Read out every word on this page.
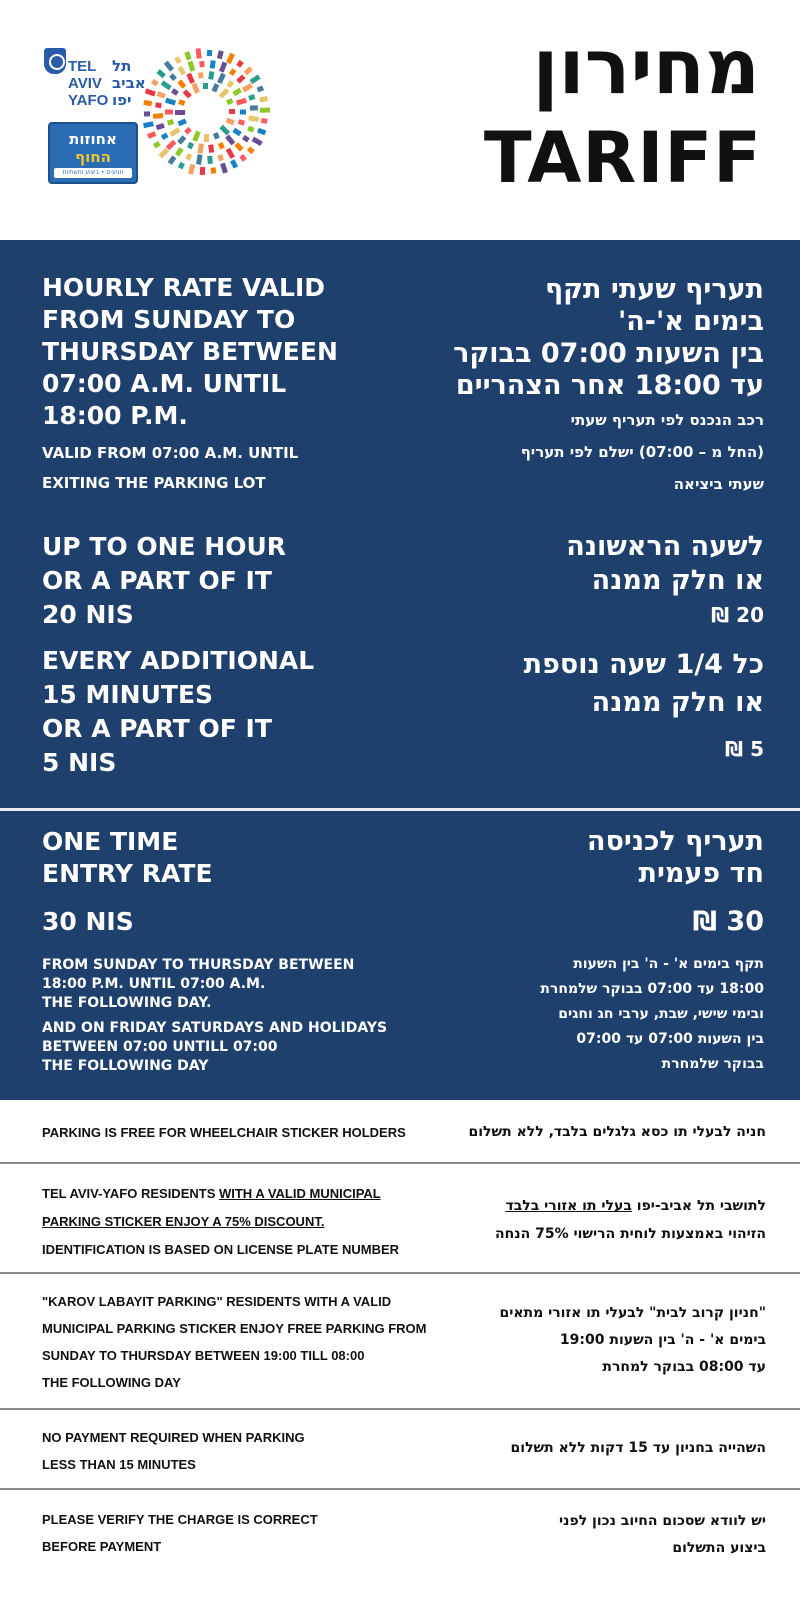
מחירון
TARIFF
TEL
AVIV
YAFO
תל
אביב
יפו
אחוזות
החוף
חניונים • ביצוע ותשתיות
HOURLY RATE VALID
FROM SUNDAY TO
THURSDAY BETWEEN
07:00 A.M. UNTIL
18:00 P.M.
VALID FROM 07:00 A.M. UNTIL
EXITING THE PARKING LOT
תעריף שעתי תקף
בימים א'-ה'
בין השעות 07:00 בבוקר
עד 18:00 אחר הצהריים
רכב הנכנס לפי תעריף שעתי
(החל מ – 07:00) ישלם לפי תעריף
שעתי ביציאה
UP TO ONE HOUR
OR A PART OF IT
20 NIS
לשעה הראשונה
או חלק ממנה
20 ₪
EVERY ADDITIONAL
15 MINUTES
OR A PART OF IT
5 NIS
כל 1/4 שעה נוספת
או חלק ממנה
5 ₪
ONE TIME
ENTRY RATE
30 NIS
FROM SUNDAY TO THURSDAY BETWEEN
18:00 P.M. UNTIL 07:00 A.M.
THE FOLLOWING DAY.
AND ON FRIDAY SATURDAYS AND HOLIDAYS
BETWEEN 07:00 UNTILL 07:00
THE FOLLOWING DAY
תעריף לכניסה
חד פעמית
30 ₪
תקף בימים א' - ה' בין השעות
18:00 עד 07:00 בבוקר שלמחרת
ובימי שישי, שבת, ערבי חג וחגים
בין השעות 07:00 עד 07:00
בבוקר שלמחרת
PARKING IS FREE FOR WHEELCHAIR STICKER HOLDERS	חניה לבעלי תו כסא גלגלים בלבד, ללא תשלום
TEL AVIV-YAFO RESIDENTS WITH A VALID MUNICIPAL
PARKING STICKER ENJOY A 75% DISCOUNT.
IDENTIFICATION IS BASED ON LICENSE PLATE NUMBER
לתושבי תל אביב-יפו בעלי תו אזורי בלבד
הזיהוי באמצעות לוחית הרישוי 75% הנחה
"KAROV LABAYIT PARKING" RESIDENTS WITH A VALID
MUNICIPAL PARKING STICKER ENJOY FREE PARKING FROM
SUNDAY TO THURSDAY BETWEEN 19:00 TILL 08:00
THE FOLLOWING DAY
"חניון קרוב לבית" לבעלי תו אזורי מתאים
בימים א' - ה' בין השעות 19:00
עד 08:00 בבוקר למחרת
NO PAYMENT REQUIRED WHEN PARKING
LESS THAN 15 MINUTES
השהייה בחניון עד 15 דקות ללא תשלום
PLEASE VERIFY THE CHARGE IS CORRECT
BEFORE PAYMENT
יש לוודא שסכום החיוב נכון לפני
ביצוע התשלום
